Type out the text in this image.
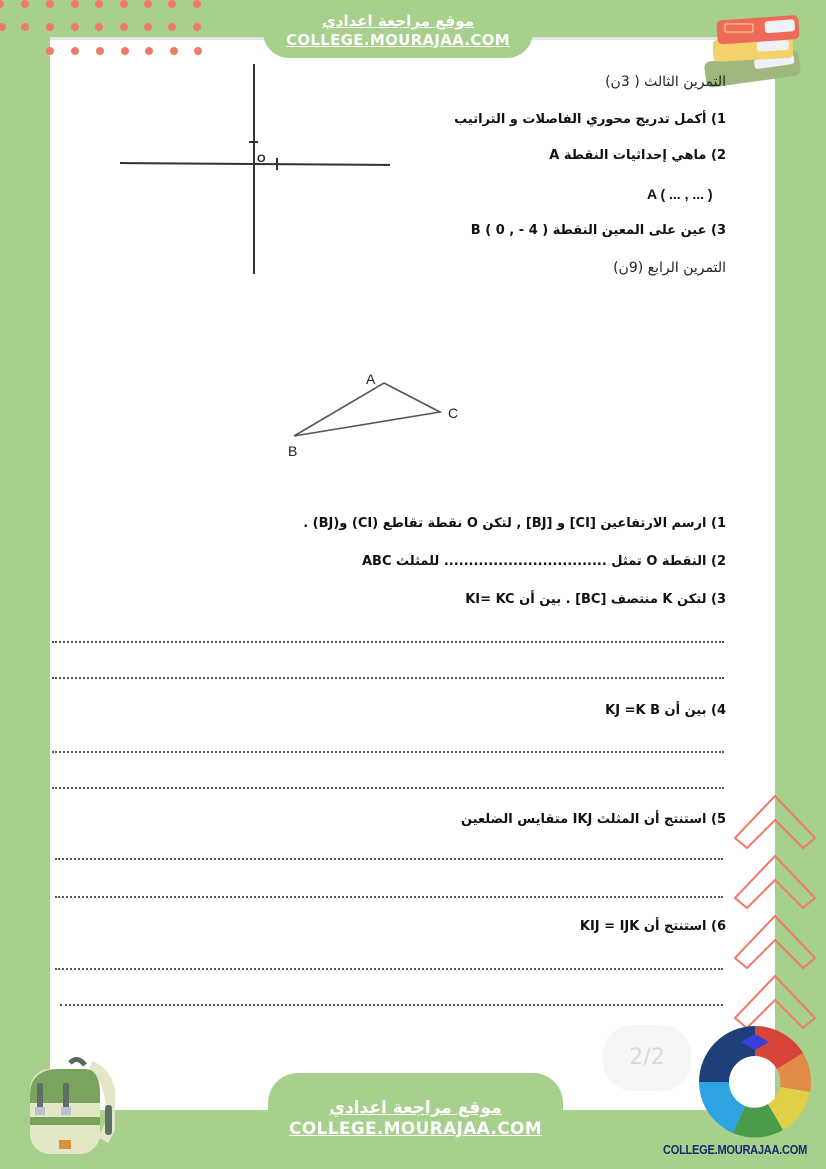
موقع مراجعة اعدادي
COLLEGE.MOURAJAA.COM
التمرين الثالث ( 3ن)
1) أكمل تدريج محوري الفاصلات و التراتيب
2) ماهي إحداثيات النقطة A
A ( ... , ... )
3) عين على المعين النقطة ( 4 - , 0 ) B
O
التمرين الرابع (9ن)
A
B
C
1) ارسم الارتفاعين [CI] و [BJ] , لتكن O نقطة تقاطع (CI) و(BJ) .
2) النقطة O تمثل ................................. للمثلث ABC
3) لتكن K منتصف [BC] . بين أن KI= KC
4) بين أن KJ =K B
5) استنتج أن المثلث IKJ متقايس الضلعين
6) استنتج أن KIJ = IJK
2/2
موقع مراجعة اعدادي
COLLEGE.MOURAJAA.COM
COLLEGE.MOURAJAA.COM
